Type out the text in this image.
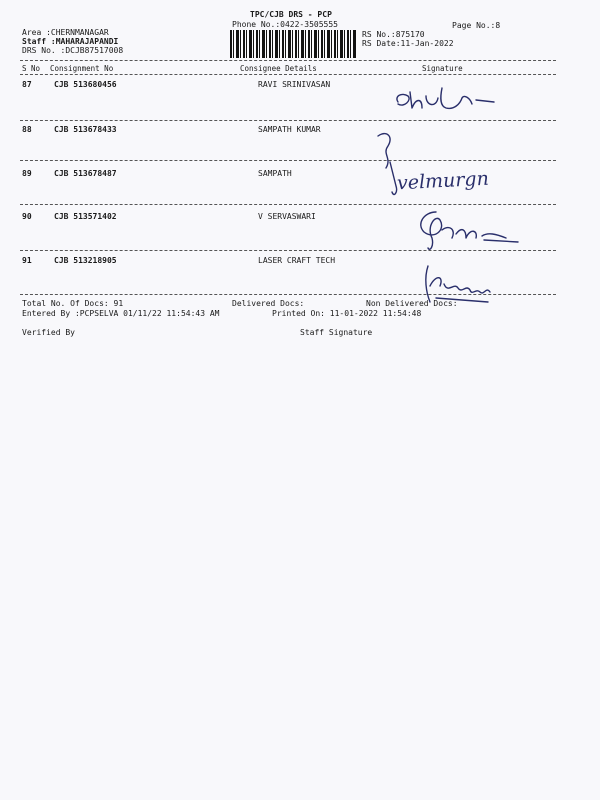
TPC/CJB DRS - PCP
Phone No.:0422-3505555
Area :CHERNMANAGAR
Staff :MAHARAJAPANDI
DRS No. :DCJB87517008
RS No.:875170
RS Date:11-Jan-2022
Page No.:8
S No Consignment No	Consignee Details	Signature
87	CJB 513680456	RAVI SRINIVASAN
88	CJB 513678433	SAMPATH KUMAR
89	CJB 513678487	SAMPATH
90	CJB 513571402	V SERVASWARI
91	CJB 513218905	LASER CRAFT TECH
velmurgn
Total No. Of Docs: 91	Delivered Docs:	Non Delivered Docs:
Entered By :PCPSELVA 01/11/22 11:54:43 AM	Printed On: 11-01-2022 11:54:48
Verified By	Staff Signature
